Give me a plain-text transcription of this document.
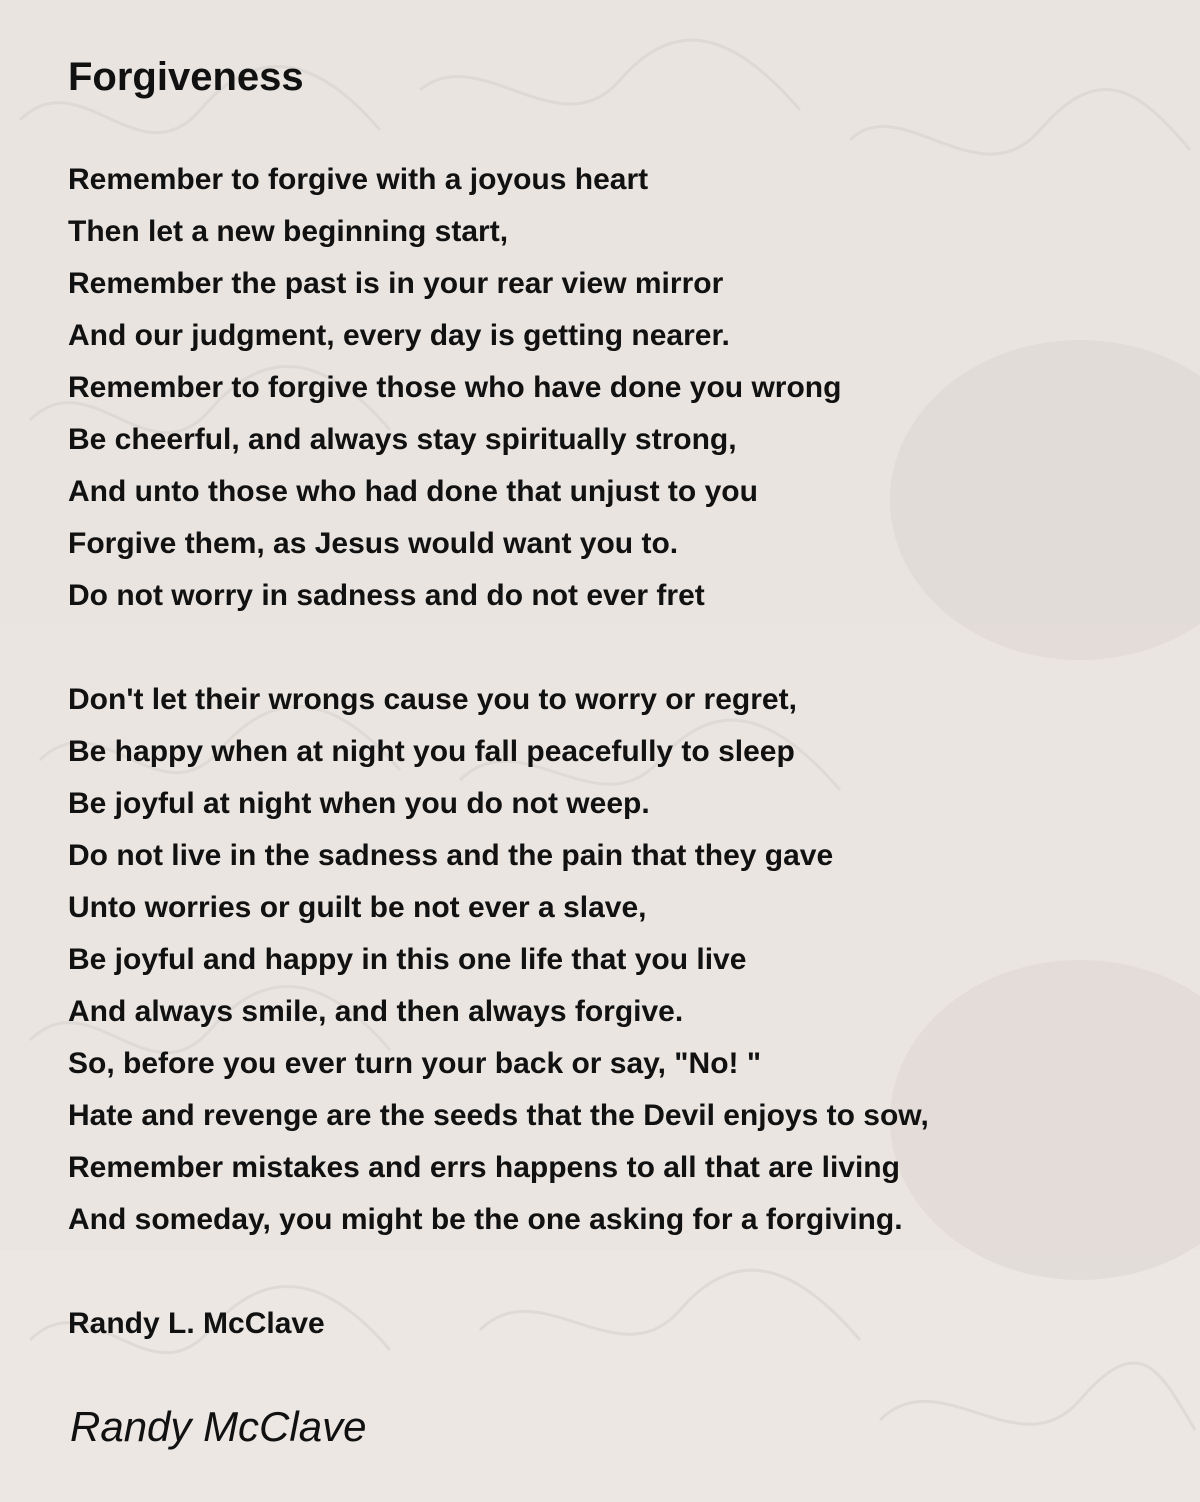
Forgiveness
Remember to forgive with a joyous heart
Then let a new beginning start,
Remember the past is in your rear view mirror
And our judgment, every day is getting nearer.
Remember to forgive those who have done you wrong
Be cheerful, and always stay spiritually strong,
And unto those who had done that unjust to you
Forgive them, as Jesus would want you to.
Do not worry in sadness and do not ever fret
Don't let their wrongs cause you to worry or regret,
Be happy when at night you fall peacefully to sleep
Be joyful at night when you do not weep.
Do not live in the sadness and the pain that they gave
Unto worries or guilt be not ever a slave,
Be joyful and happy in this one life that you live
And always smile, and then always forgive.
So, before you ever turn your back or say, "No! "
Hate and revenge are the seeds that the Devil enjoys to sow,
Remember mistakes and errs happens to all that are living
And someday, you might be the one asking for a forgiving.
Randy L. McClave
Randy McClave
